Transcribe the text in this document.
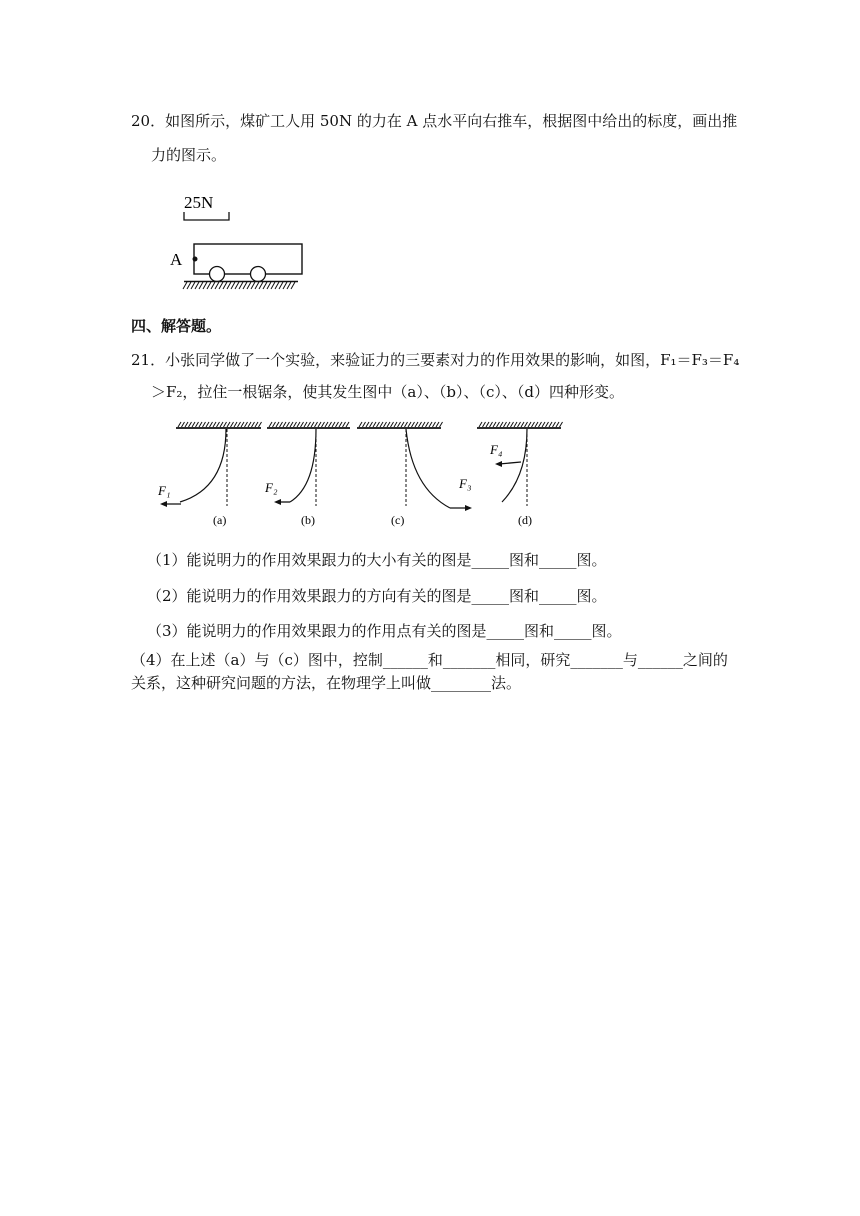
20．如图所示，煤矿工人用 50N 的力在 A 点水平向右推车，根据图中给出的标度，画出推
力的图示。
25N
A
四、解答题。
21．小张同学做了一个实验，来验证力的三要素对力的作用效果的影响，如图，F₁＝F₃＝F₄
＞F₂，拉住一根锯条，使其发生图中（a）、（b）、（c）、（d）四种形变。
F₁
(a)
F₂
(b)
F₃
(c)
F₄
(d)
（1）能说明力的作用效果跟力的大小有关的图是_____图和_____图。
（2）能说明力的作用效果跟力的方向有关的图是_____图和_____图。
（3）能说明力的作用效果跟力的作用点有关的图是_____图和_____图。
（4）在上述（a）与（c）图中，控制______和_______相同，研究_______与______之间的
关系，这种研究问题的方法，在物理学上叫做________法。
